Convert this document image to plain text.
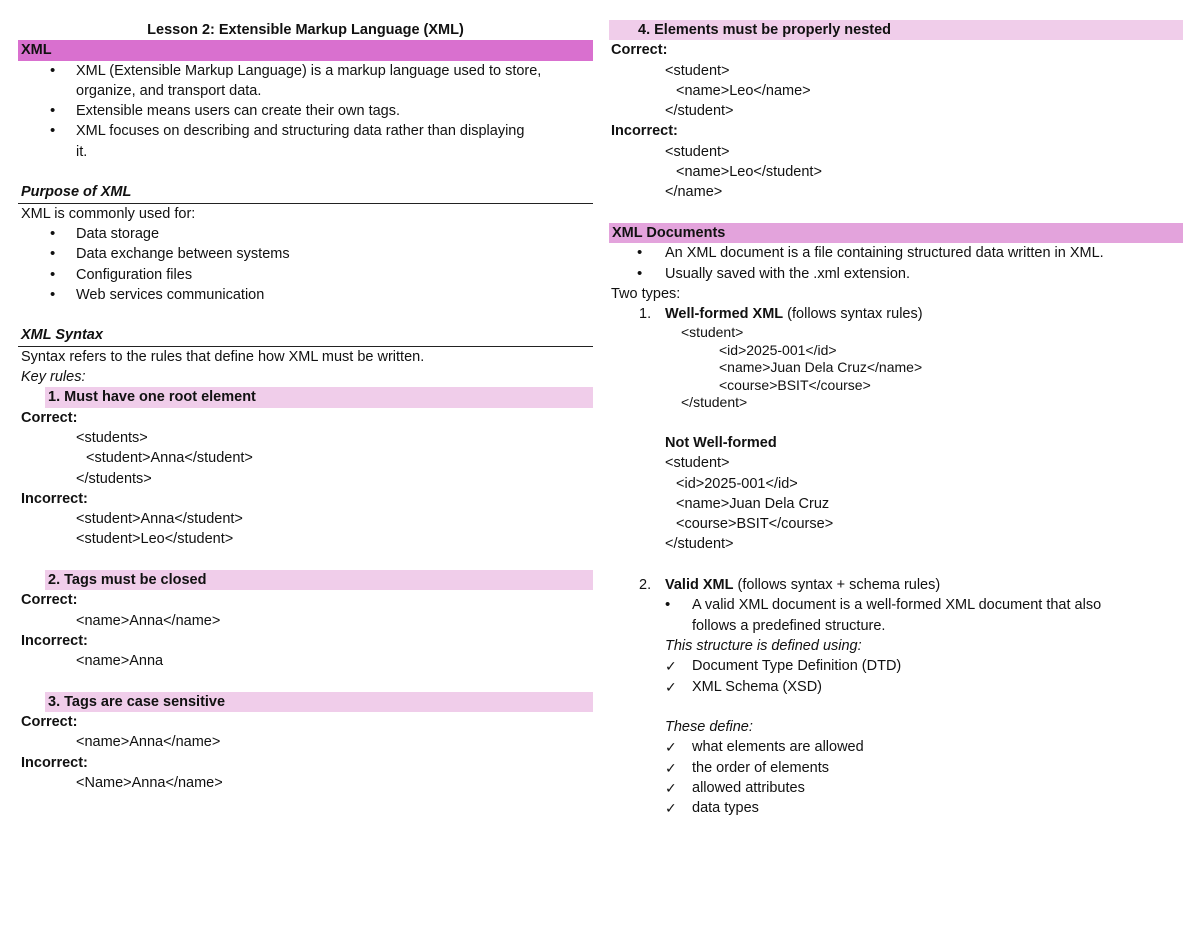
Lesson 2: Extensible Markup Language (XML)
XML
• XML (Extensible Markup Language) is a markup language used to store,
organize, and transport data.
• Extensible means users can create their own tags.
• XML focuses on describing and structuring data rather than displaying
it.
Purpose of XML
XML is commonly used for:
• Data storage
• Data exchange between systems
• Configuration files
• Web services communication
XML Syntax
Syntax refers to the rules that define how XML must be written.
Key rules:
1. Must have one root element
Correct:
<students>
<student>Anna</student>
</students>
Incorrect:
<student>Anna</student>
<student>Leo</student>
2. Tags must be closed
Correct:
<name>Anna</name>
Incorrect:
<name>Anna
3. Tags are case sensitive
Correct:
<name>Anna</name>
Incorrect:
<Name>Anna</name>
4. Elements must be properly nested
Correct:
<student>
<name>Leo</name>
</student>
Incorrect:
<student>
<name>Leo</student>
</name>
XML Documents
• An XML document is a file containing structured data written in XML.
• Usually saved with the .xml extension.
Two types:
1. Well-formed XML (follows syntax rules)
<student>
<id>2025-001</id>
<name>Juan Dela Cruz</name>
<course>BSIT</course>
</student>
Not Well-formed
<student>
<id>2025-001</id>
<name>Juan Dela Cruz
<course>BSIT</course>
</student>
2. Valid XML (follows syntax + schema rules)
• A valid XML document is a well-formed XML document that also
follows a predefined structure.
This structure is defined using:
✓ Document Type Definition (DTD)
✓ XML Schema (XSD)
These define:
✓ what elements are allowed
✓ the order of elements
✓ allowed attributes
✓ data types
